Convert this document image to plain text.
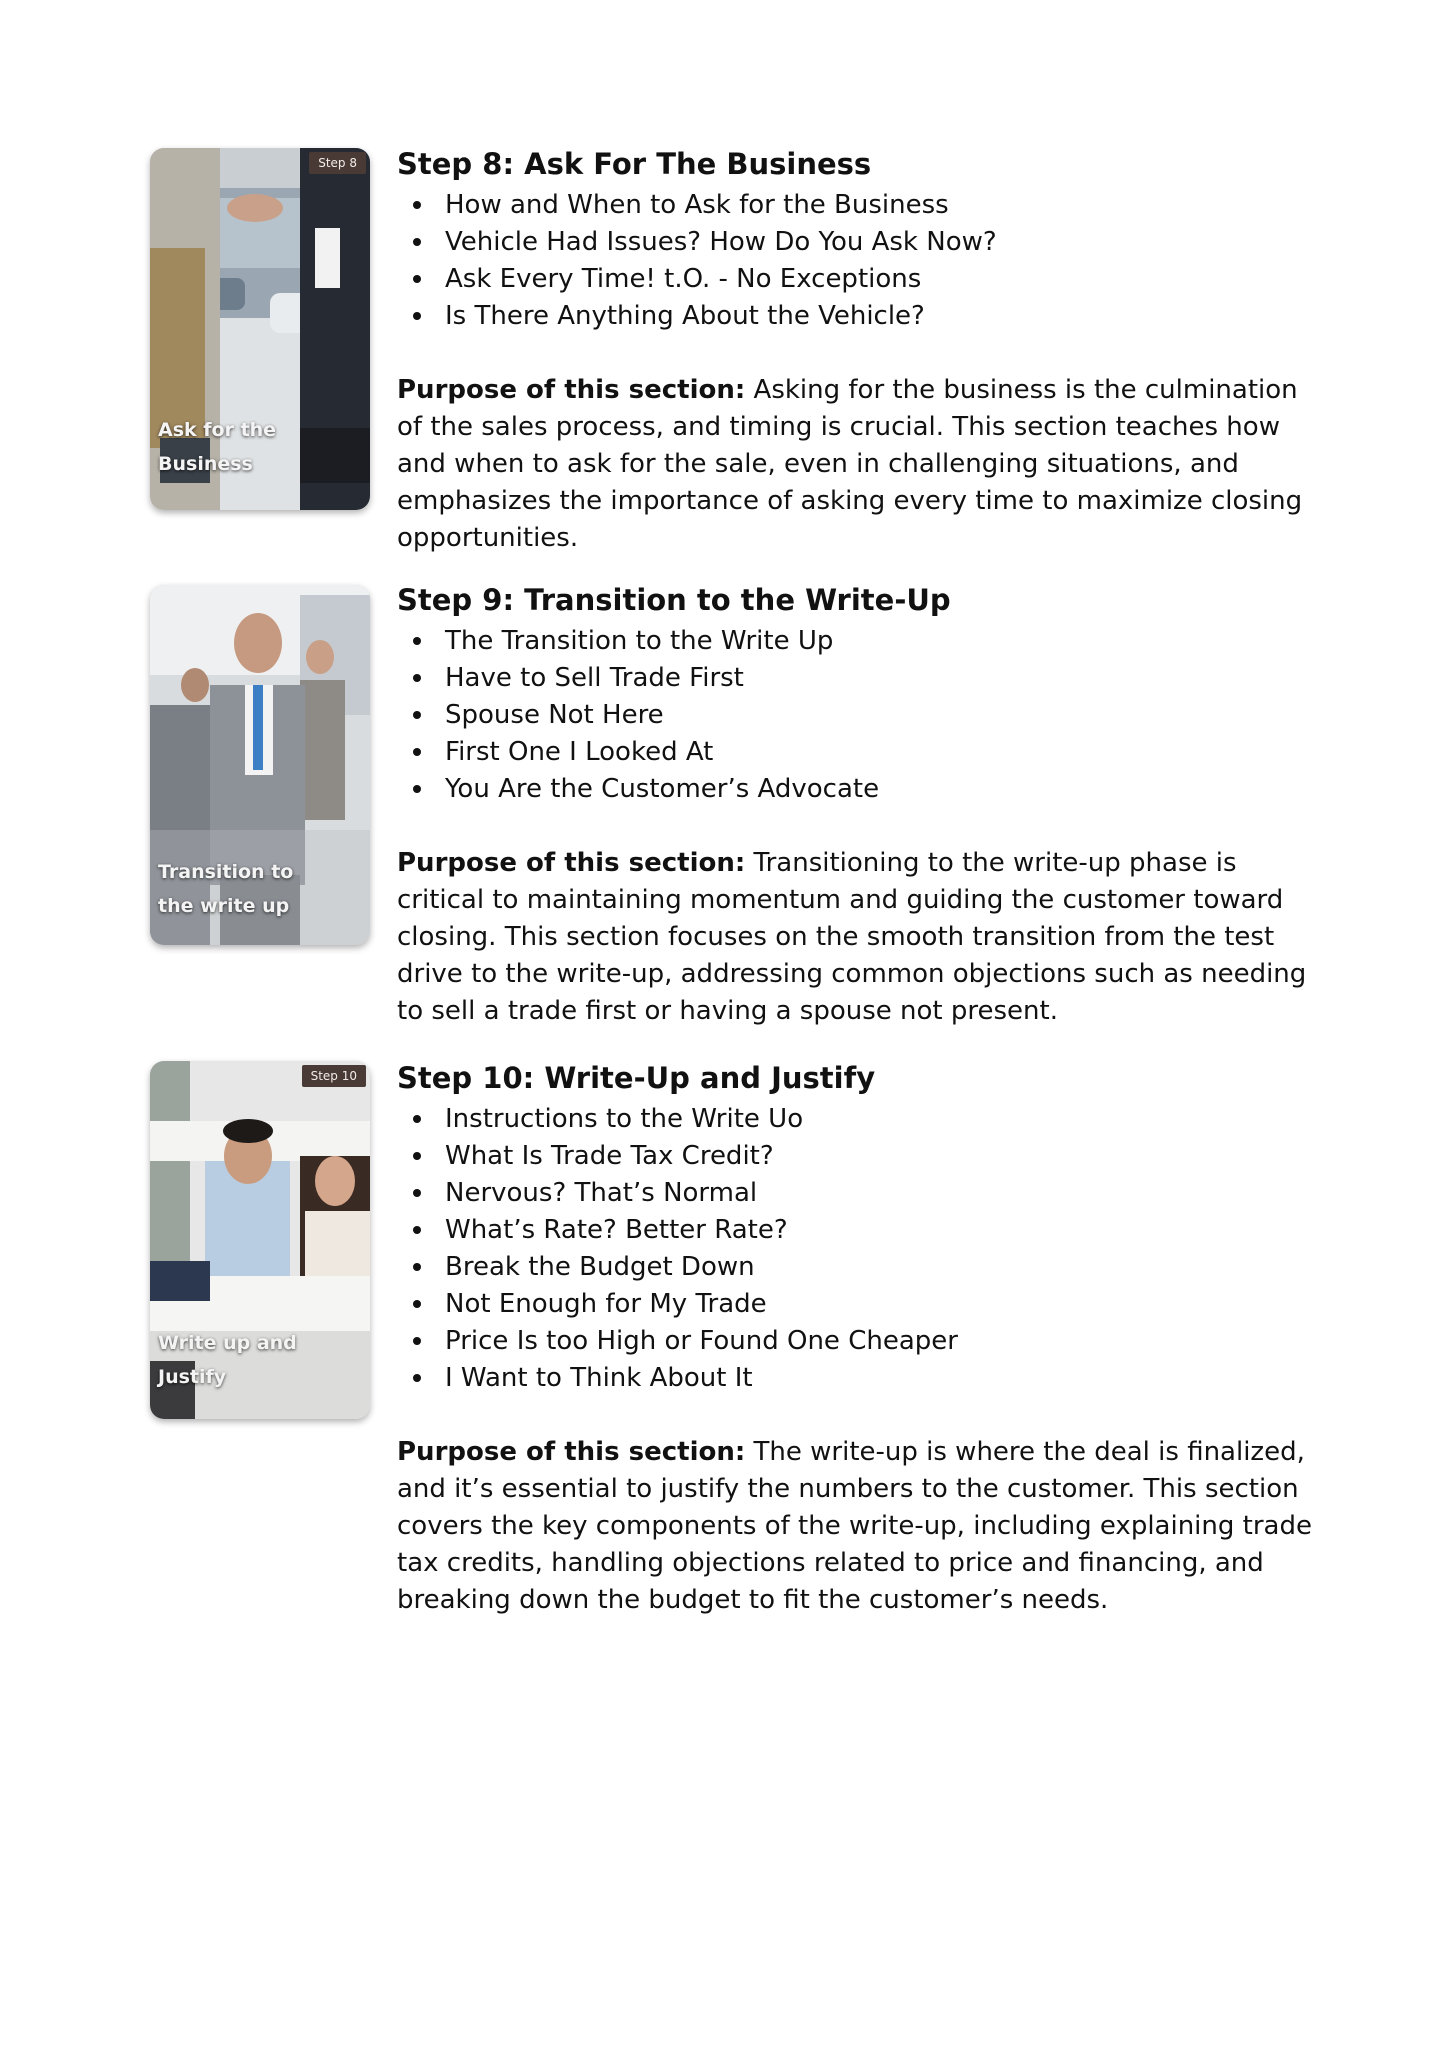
Step 8
Ask for the Business
Step 8: Ask For The Business
How and When to Ask for the Business
Vehicle Had Issues? How Do You Ask Now?
Ask Every Time! t.O. - No Exceptions
Is There Anything About the Vehicle?

Purpose of this section: Asking for the business is the culmination of the sales process, and timing is crucial. This section teaches how and when to ask for the sale, even in challenging situations, and emphasizes the importance of asking every time to maximize closing opportunities.

Transition to the write up
Step 9: Transition to the Write-Up
The Transition to the Write Up
Have to Sell Trade First
Spouse Not Here
First One I Looked At
You Are the Customer’s Advocate

Purpose of this section: Transitioning to the write-up phase is critical to maintaining momentum and guiding the customer toward closing. This section focuses on the smooth transition from the test drive to the write-up, addressing common objections such as needing to sell a trade first or having a spouse not present.

Step 10
Write up and Justify
Step 10: Write-Up and Justify
Instructions to the Write Uo
What Is Trade Tax Credit?
Nervous? That’s Normal
What’s Rate? Better Rate?
Break the Budget Down
Not Enough for My Trade
Price Is too High or Found One Cheaper
I Want to Think About It

Purpose of this section: The write-up is where the deal is finalized, and it’s essential to justify the numbers to the customer. This section covers the key components of the write-up, including explaining trade tax credits, handling objections related to price and financing, and breaking down the budget to fit the customer’s needs.
